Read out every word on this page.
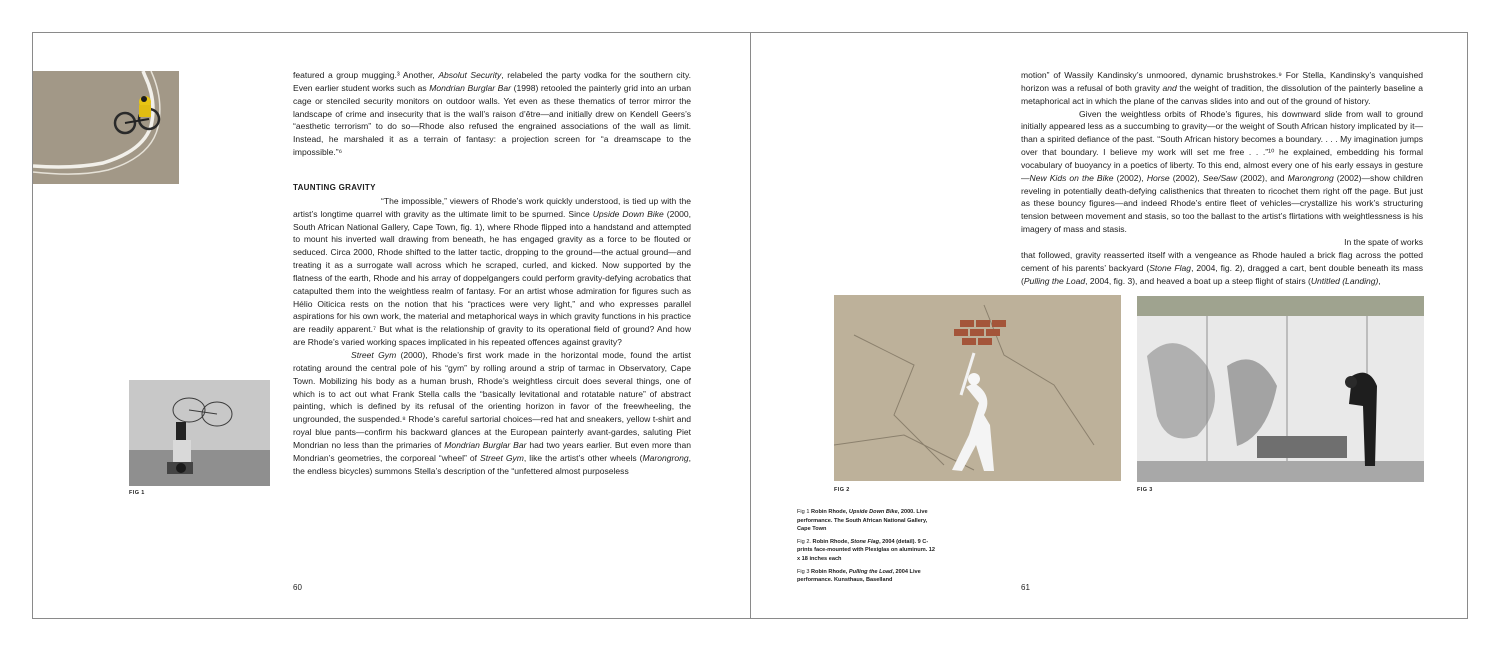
featured a group mugging.³ Another, Absolut Security, relabeled the party vodka for the southern city. Even earlier student works such as Mondrian Burglar Bar (1998) retooled the painterly grid into an urban cage or stenciled security monitors on outdoor walls. Yet even as these thematics of terror mirror the landscape of crime and insecurity that is the wall’s raison d’être—and initially drew on Kendell Geers’s “aesthetic terrorism” to do so—Rhode also refused the engrained associations of the wall as limit. Instead, he marshaled it as a terrain of fantasy: a projection screen for “a dreamscape to the impossible.”⁶

TAUNTING GRAVITY

“The impossible,” viewers of Rhode’s work quickly understood, is tied up with the artist’s longtime quarrel with gravity as the ultimate limit to be spurned. Since Upside Down Bike (2000, South African National Gallery, Cape Town, fig. 1), where Rhode flipped into a handstand and attempted to mount his inverted wall drawing from beneath, he has engaged gravity as a force to be flouted or seduced. Circa 2000, Rhode shifted to the latter tactic, dropping to the ground—the actual ground—and treating it as a surrogate wall across which he scraped, curled, and kicked. Now supported by the flatness of the earth, Rhode and his array of doppelgangers could perform gravity-defying acrobatics that catapulted them into the weightless realm of fantasy. For an artist whose admiration for figures such as Hélio Oiticica rests on the notion that his “practices were very light,” and who expresses parallel aspirations for his own work, the material and metaphorical ways in which gravity functions in his practice are readily apparent.⁷ But what is the relationship of gravity to its operational field of ground? And how are Rhode’s varied working spaces implicated in his repeated offences against gravity?

Street Gym (2000), Rhode’s first work made in the horizontal mode, found the artist rotating around the central pole of his “gym” by rolling around a strip of tarmac in Observatory, Cape Town. Mobilizing his body as a human brush, Rhode’s weightless circuit does several things, one of which is to act out what Frank Stella calls the “basically levitational and rotatable nature” of abstract painting, which is defined by its refusal of the orienting horizon in favor of the freewheeling, the ungrounded, the suspended.⁸ Rhode’s careful sartorial choices—red hat and sneakers, yellow t-shirt and royal blue pants—confirm his backward glances at the European painterly avant-gardes, saluting Piet Mondrian no less than the primaries of Mondrian Burglar Bar had two years earlier. But even more than Mondrian’s geometries, the corporeal “wheel” of Street Gym, like the artist’s other wheels (Marongrong, the endless bicycles) summons Stella’s description of the “unfettered almost purposeless

FIG 1
60

motion” of Wassily Kandinsky’s unmoored, dynamic brushstrokes.⁹ For Stella, Kandinsky’s vanquished horizon was a refusal of both gravity and the weight of tradition, the dissolution of the painterly baseline a metaphorical act in which the plane of the canvas slides into and out of the ground of history.

Given the weightless orbits of Rhode’s figures, his downward slide from wall to ground initially appeared less as a succumbing to gravity—or the weight of South African history implicated by it—than a spirited defiance of the past. “South African history becomes a boundary. . . . My imagination jumps over that boundary. I believe my work will set me free . . .”¹⁰ he explained, embedding his formal vocabulary of buoyancy in a poetics of liberty. To this end, almost every one of his early essays in gesture—New Kids on the Bike (2002), Horse (2002), See/Saw (2002), and Marongrong (2002)—show children reveling in potentially death-defying calisthenics that threaten to ricochet them right off the page. But just as these bouncy figures—and indeed Rhode’s entire fleet of vehicles—crystallize his work’s structuring tension between movement and stasis, so too the ballast to the artist’s flirtations with weightlessness is his imagery of mass and stasis.

In the spate of works

that followed, gravity reasserted itself with a vengeance as Rhode hauled a brick flag across the potted cement of his parents’ backyard (Stone Flag, 2004, fig. 2), dragged a cart, bent double beneath its mass (Pulling the Load, 2004, fig. 3), and heaved a boat up a steep flight of stairs (Untitled (Landing),

FIG 2	FIG 3

Fig 1 Robin Rhode, Upside Down Bike, 2000. Live performance. The South African National Gallery, Cape Town

Fig 2. Robin Rhode, Stone Flag, 2004 (detail). 9 C-prints face-mounted with Plexiglas on aluminum. 12 x 18 inches each

Fig 3 Robin Rhode, Pulling the Load, 2004 Live performance. Kunsthaus, Baselland

61
